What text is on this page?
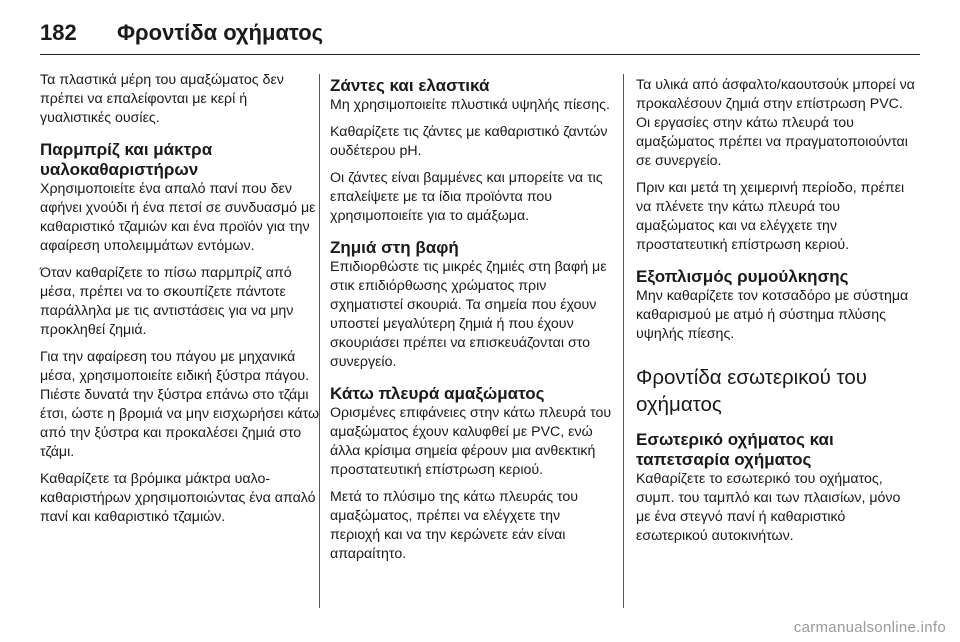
182 Φροντίδα οχήματος

Τα πλαστικά μέρη του αμαξώματος δεν πρέπει να επαλείφονται με κερί ή γυαλιστικές ουσίες.

Παρμπρίζ και μάκτρα υαλοκαθαριστήρων

Χρησιμοποιείτε ένα απαλό πανί που δεν αφήνει χνούδι ή ένα πετσί σε συνδυασμό με καθαριστικό τζαμιών και ένα προϊόν για την αφαίρεση υπολειμμάτων εντόμων.

Όταν καθαρίζετε το πίσω παρμπρίζ από μέσα, πρέπει να το σκουπίζετε πάντοτε παράλληλα με τις αντιστάσεις για να μην προκληθεί ζημιά.

Για την αφαίρεση του πάγου με μηχανικά μέσα, χρησιμοποιείτε ειδική ξύστρα πάγου. Πιέστε δυνατά την ξύστρα επάνω στο τζάμι έτσι, ώστε η βρομιά να μην εισχωρήσει κάτω από την ξύστρα και προκαλέσει ζημιά στο τζάμι.

Καθαρίζετε τα βρόμικα μάκτρα υαλοκαθαριστήρων χρησιμοποιώντας ένα απαλό πανί και καθαριστικό τζαμιών.

Ζάντες και ελαστικά

Μη χρησιμοποιείτε πλυστικά υψηλής πίεσης.

Καθαρίζετε τις ζάντες με καθαριστικό ζαντών ουδέτερου pH.

Οι ζάντες είναι βαμμένες και μπορείτε να τις επαλείψετε με τα ίδια προϊόντα που χρησιμοποιείτε για το αμάξωμα.

Ζημιά στη βαφή

Επιδιορθώστε τις μικρές ζημιές στη βαφή με στικ επιδιόρθωσης χρώματος πριν σχηματιστεί σκουριά. Τα σημεία που έχουν υποστεί μεγαλύτερη ζημιά ή που έχουν σκουριάσει πρέπει να επισκευάζονται στο συνεργείο.

Κάτω πλευρά αμαξώματος

Ορισμένες επιφάνειες στην κάτω πλευρά του αμαξώματος έχουν καλυφθεί με PVC, ενώ άλλα κρίσιμα σημεία φέρουν μια ανθεκτική προστατευτική επίστρωση κεριού.

Μετά το πλύσιμο της κάτω πλευράς του αμαξώματος, πρέπει να ελέγχετε την περιοχή και να την κερώνετε εάν είναι απαραίτητο.

Τα υλικά από άσφαλτο/καουτσούκ μπορεί να προκαλέσουν ζημιά στην επίστρωση PVC. Οι εργασίες στην κάτω πλευρά του αμαξώματος πρέπει να πραγματοποιούνται σε συνεργείο.

Πριν και μετά τη χειμερινή περίοδο, πρέπει να πλένετε την κάτω πλευρά του αμαξώματος και να ελέγχετε την προστατευτική επίστρωση κεριού.

Εξοπλισμός ρυμούλκησης

Μην καθαρίζετε τον κοτσαδόρο με σύστημα καθαρισμού με ατμό ή σύστημα πλύσης υψηλής πίεσης.

Φροντίδα εσωτερικού του οχήματος
Εσωτερικό οχήματος και ταπετσαρία οχήματος

Καθαρίζετε το εσωτερικό του οχήματος, συμπ. του ταμπλό και των πλαισίων, μόνο με ένα στεγνό πανί ή καθαριστικό εσωτερικού αυτοκινήτων.

carmanualsonline.info
